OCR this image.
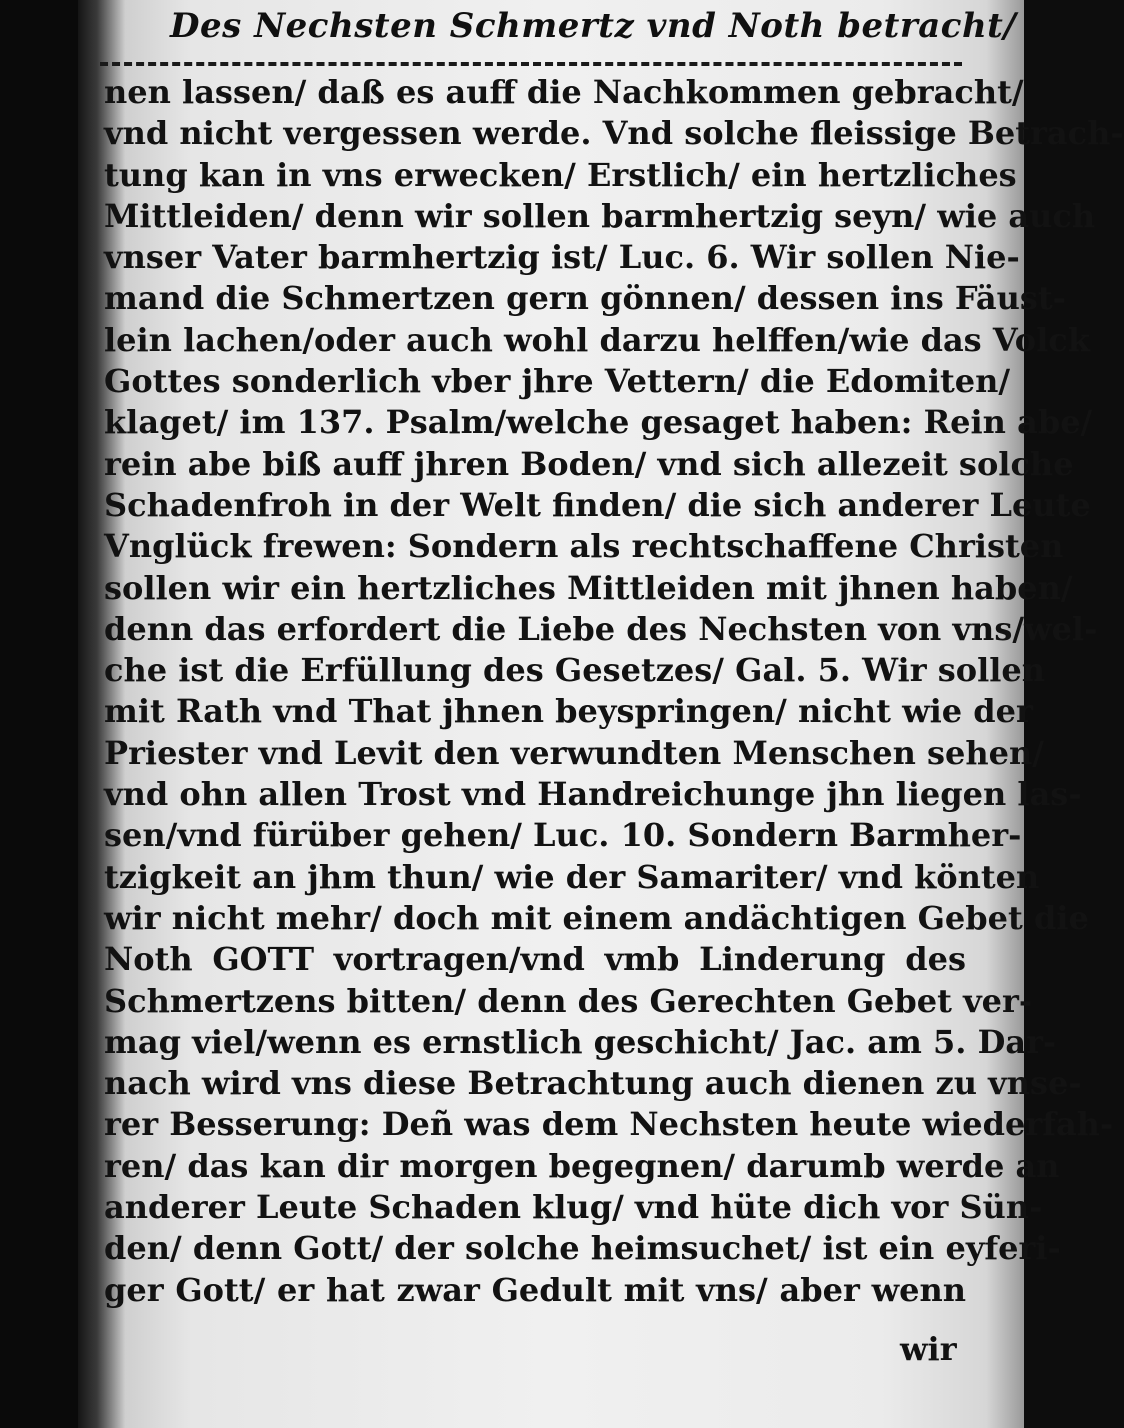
Des Nechsten Schmertz vnd Noth betracht/
nen lassen/ daß es auff die Nachkommen gebracht/
vnd nicht vergessen werde. Vnd solche fleissige Betrach-
tung kan in vns erwecken/ Erstlich/ ein hertzliches
Mittleiden/ denn wir sollen barmhertzig seyn/ wie auch
vnser Vater barmhertzig ist/ Luc. 6. Wir sollen Nie-
mand die Schmertzen gern gönnen/ dessen ins Fäust-
lein lachen/oder auch wohl darzu helffen/wie das Volck
Gottes sonderlich vber jhre Vettern/ die Edomiten/
klaget/ im 137. Psalm/welche gesaget haben: Rein abe/
rein abe biß auff jhren Boden/ vnd sich allezeit solche
Schadenfroh in der Welt finden/ die sich anderer Leute
Vnglück frewen: Sondern als rechtschaffene Christen
sollen wir ein hertzliches Mittleiden mit jhnen haben/
denn das erfordert die Liebe des Nechsten von vns/wel-
che ist die Erfüllung des Gesetzes/ Gal. 5. Wir sollen
mit Rath vnd That jhnen beyspringen/ nicht wie der
Priester vnd Levit den verwundten Menschen sehen/
vnd ohn allen Trost vnd Handreichunge jhn liegen las-
sen/vnd fürüber gehen/ Luc. 10. Sondern Barmher-
tzigkeit an jhm thun/ wie der Samariter/ vnd könten
wir nicht mehr/ doch mit einem andächtigen Gebet die
Noth GOTT vortragen/vnd vmb Linderung des
Schmertzens bitten/ denn des Gerechten Gebet ver-
mag viel/wenn es ernstlich geschicht/ Jac. am 5. Dar-
nach wird vns diese Betrachtung auch dienen zu vnse-
rer Besserung: Deñ was dem Nechsten heute wiederfah-
ren/ das kan dir morgen begegnen/ darumb werde an
anderer Leute Schaden klug/ vnd hüte dich vor Sün-
den/ denn Gott/ der solche heimsuchet/ ist ein eyferi-
ger Gott/ er hat zwar Gedult mit vns/ aber wenn
wir
